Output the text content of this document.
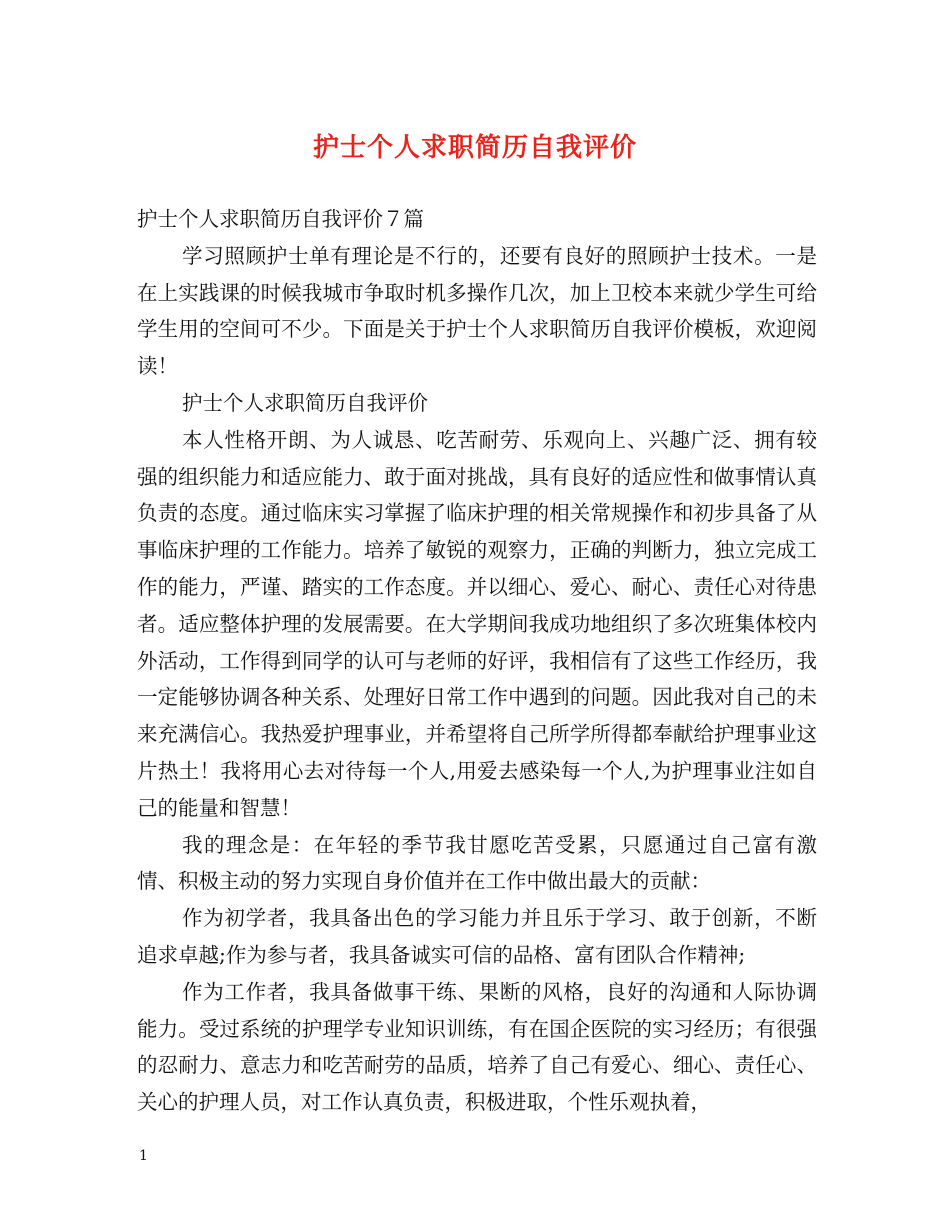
护士个人求职简历自我评价

护士个人求职简历自我评价７篇

学习照顾护士单有理论是不行的，还要有良好的照顾护士技术。一是在上实践课的时候我城市争取时机多操作几次，加上卫校本来就少学生可给学生用的空间可不少。下面是关于护士个人求职简历自我评价模板，欢迎阅读！

护士个人求职简历自我评价

本人性格开朗、为人诚恳、吃苦耐劳、乐观向上、兴趣广泛、拥有较强的组织能力和适应能力、敢于面对挑战，具有良好的适应性和做事情认真负责的态度。通过临床实习掌握了临床护理的相关常规操作和初步具备了从事临床护理的工作能力。培养了敏锐的观察力，正确的判断力，独立完成工作的能力，严谨、踏实的工作态度。并以细心、爱心、耐心、责任心对待患者。适应整体护理的发展需要。在大学期间我成功地组织了多次班集体校内外活动，工作得到同学的认可与老师的好评，我相信有了这些工作经历，我一定能够协调各种关系、处理好日常工作中遇到的问题。因此我对自己的未来充满信心。我热爱护理事业，并希望将自己所学所得都奉献给护理事业这片热土！我将用心去对待每一个人,用爱去感染每一个人,为护理事业注如自己的能量和智慧！

我的理念是：在年轻的季节我甘愿吃苦受累，只愿通过自己富有激情、积极主动的努力实现自身价值并在工作中做出最大的贡献：

作为初学者，我具备出色的学习能力并且乐于学习、敢于创新，不断追求卓越;作为参与者，我具备诚实可信的品格、富有团队合作精神;

作为工作者，我具备做事干练、果断的风格，良好的沟通和人际协调能力。受过系统的护理学专业知识训练，有在国企医院的实习经历；有很强的忍耐力、意志力和吃苦耐劳的品质，培养了自己有爱心、细心、责任心、关心的护理人员，对工作认真负责，积极进取，个性乐观执着，

1
